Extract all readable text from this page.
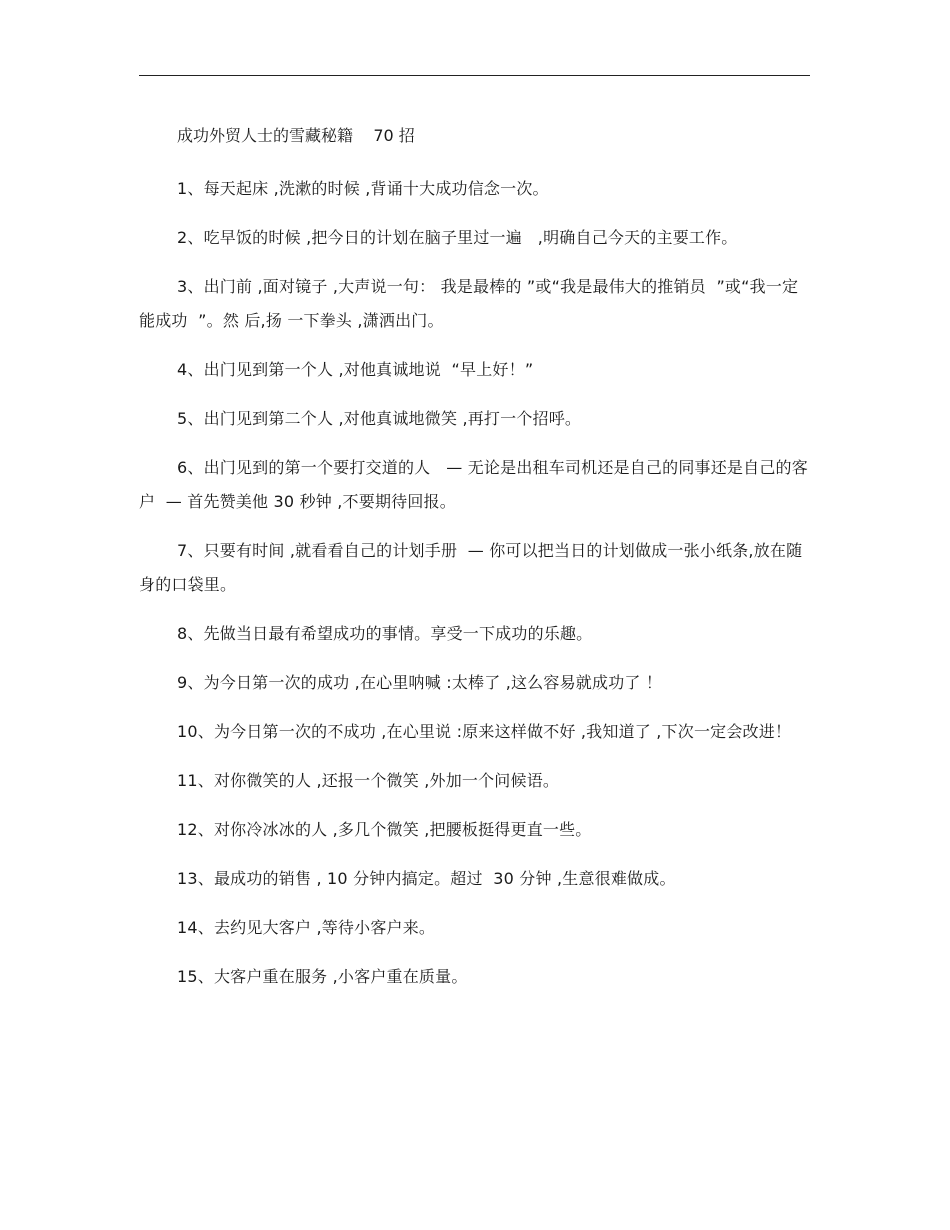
成功外贸人士的雪藏秘籍    70 招

1、每天起床 ,洗漱的时候 ,背诵十大成功信念一次。

2、吃早饭的时候 ,把今日的计划在脑子里过一遍   ,明确自己今天的主要工作。

3、出门前 ,面对镜子 ,大声说一句： 我是最棒的 ”或“我是最伟大的推销员  ”或“我一定能成功  ”。然 后,扬 一下拳头 ,潇洒出门。

4、出门见到第一个人 ,对他真诚地说  “早上好！”

5、出门见到第二个人 ,对他真诚地微笑 ,再打一个招呼。

6、出门见到的第一个要打交道的人   — 无论是出租车司机还是自己的同事还是自己的客户  — 首先赞美他 30 秒钟 ,不要期待回报。

7、只要有时间 ,就看看自己的计划手册  — 你可以把当日的计划做成一张小纸条,放在随身的口袋里。

8、先做当日最有希望成功的事情。享受一下成功的乐趣。

9、为今日第一次的成功 ,在心里呐喊 :太棒了 ,这么容易就成功了 ！

10、为今日第一次的不成功 ,在心里说 :原来这样做不好 ,我知道了 ,下次一定会改进！

11、对你微笑的人 ,还报一个微笑 ,外加一个问候语。

12、对你冷冰冰的人 ,多几个微笑 ,把腰板挺得更直一些。

13、最成功的销售 , 10 分钟内搞定。超过  30 分钟 ,生意很难做成。

14、去约见大客户 ,等待小客户来。

15、大客户重在服务 ,小客户重在质量。
